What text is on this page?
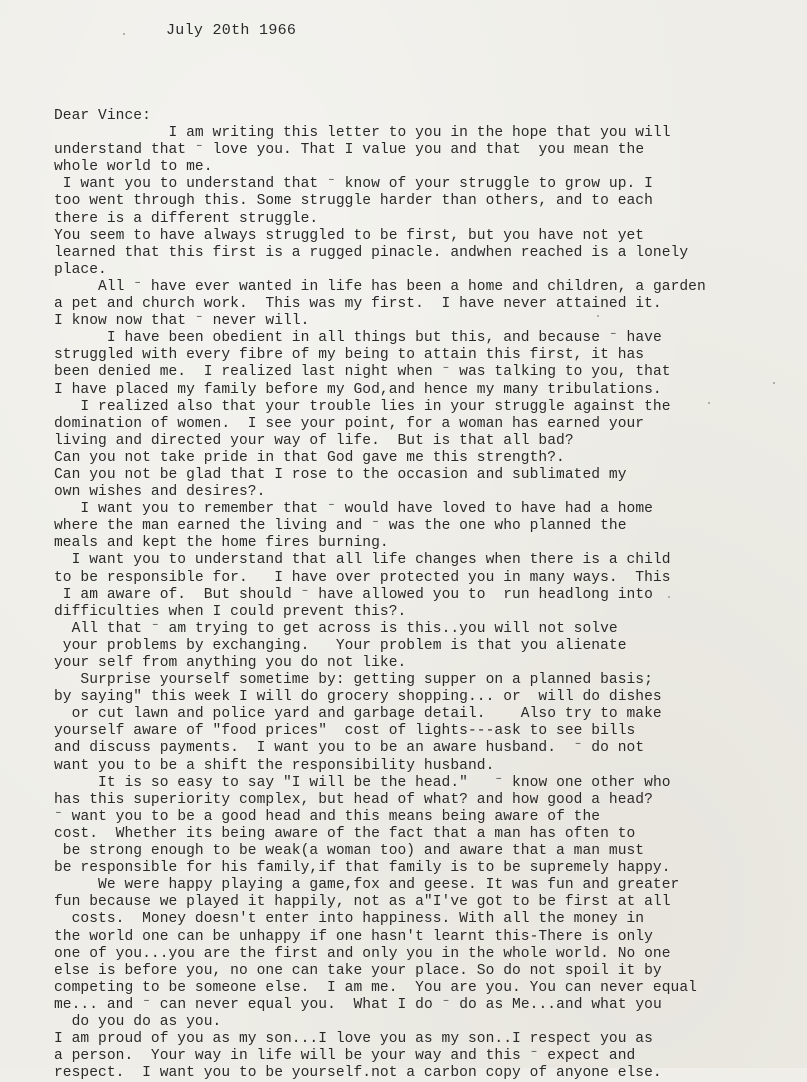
July 20th 1966
Dear Vince:
I am writing this letter to you in the hope that you will
understand that ⁻ love you. That I value you and that  you mean the
whole world to me.
I want you to understand that ⁻ know of your struggle to grow up. I
too went through this. Some struggle harder than others, and to each
there is a different struggle.
You seem to have always struggled to be first, but you have not yet
learned that this first is a rugged pinacle. andwhen reached is a lonely
place.
All ⁻ have ever wanted in life has been a home and children, a garden
a pet and church work.  This was my first.  I have never attained it.
I know now that ⁻ never will.
I have been obedient in all things but this, and because ⁻ have
struggled with every fibre of my being to attain this first, it has
been denied me.  I realized last night when ⁻ was talking to you, that
I have placed my family before my God,and hence my many tribulations.
I realized also that your trouble lies in your struggle against the
domination of women.  I see your point, for a woman has earned your
living and directed your way of life.  But is that all bad?
Can you not take pride in that God gave me this strength?.
Can you not be glad that I rose to the occasion and sublimated my
own wishes and desires?.
I want you to remember that ⁻ would have loved to have had a home
where the man earned the living and ⁻ was the one who planned the
meals and kept the home fires burning.
I want you to understand that all life changes when there is a child
to be responsible for.   I have over protected you in many ways.  This
I am aware of.  But should ⁻ have allowed you to  run headlong into
difficulties when I could prevent this?.
All that ⁻ am trying to get across is this..you will not solve
your problems by exchanging.   Your problem is that you alienate
your self from anything you do not like.
Surprise yourself sometime by: getting supper on a planned basis;
by saying" this week I will do grocery shopping... or  will do dishes
or cut lawn and police yard and garbage detail.    Also try to make
yourself aware of "food prices"  cost of lights---ask to see bills
and discuss payments.  I want you to be an aware husband.  ⁻ do not
want you to be a shift the responsibility husband.
It is so easy to say "I will be the head."   ⁻ know one other who
has this superiority complex, but head of what? and how good a head?
⁻ want you to be a good head and this means being aware of the
cost.  Whether its being aware of the fact that a man has often to
be strong enough to be weak(a woman too) and aware that a man must
be responsible for his family,if that family is to be supremely happy.
We were happy playing a game,fox and geese. It was fun and greater
fun because we played it happily, not as a"I've got to be first at all
costs.  Money doesn't enter into happiness. With all the money in
the world one can be unhappy if one hasn't learnt this-There is only
one of you...you are the first and only you in the whole world. No one
else is before you, no one can take your place. So do not spoil it by
competing to be someone else.  I am me.  You are you. You can never equal
me... and ⁻ can never equal you.  What I do ⁻ do as Me...and what you
do you do as you.
I am proud of you as my son...I love you as my son..I respect you as
a person.  Your way in life will be your way and this ⁻ expect and
respect.  I want you to be yourself.not a carbon copy of anyone else.
